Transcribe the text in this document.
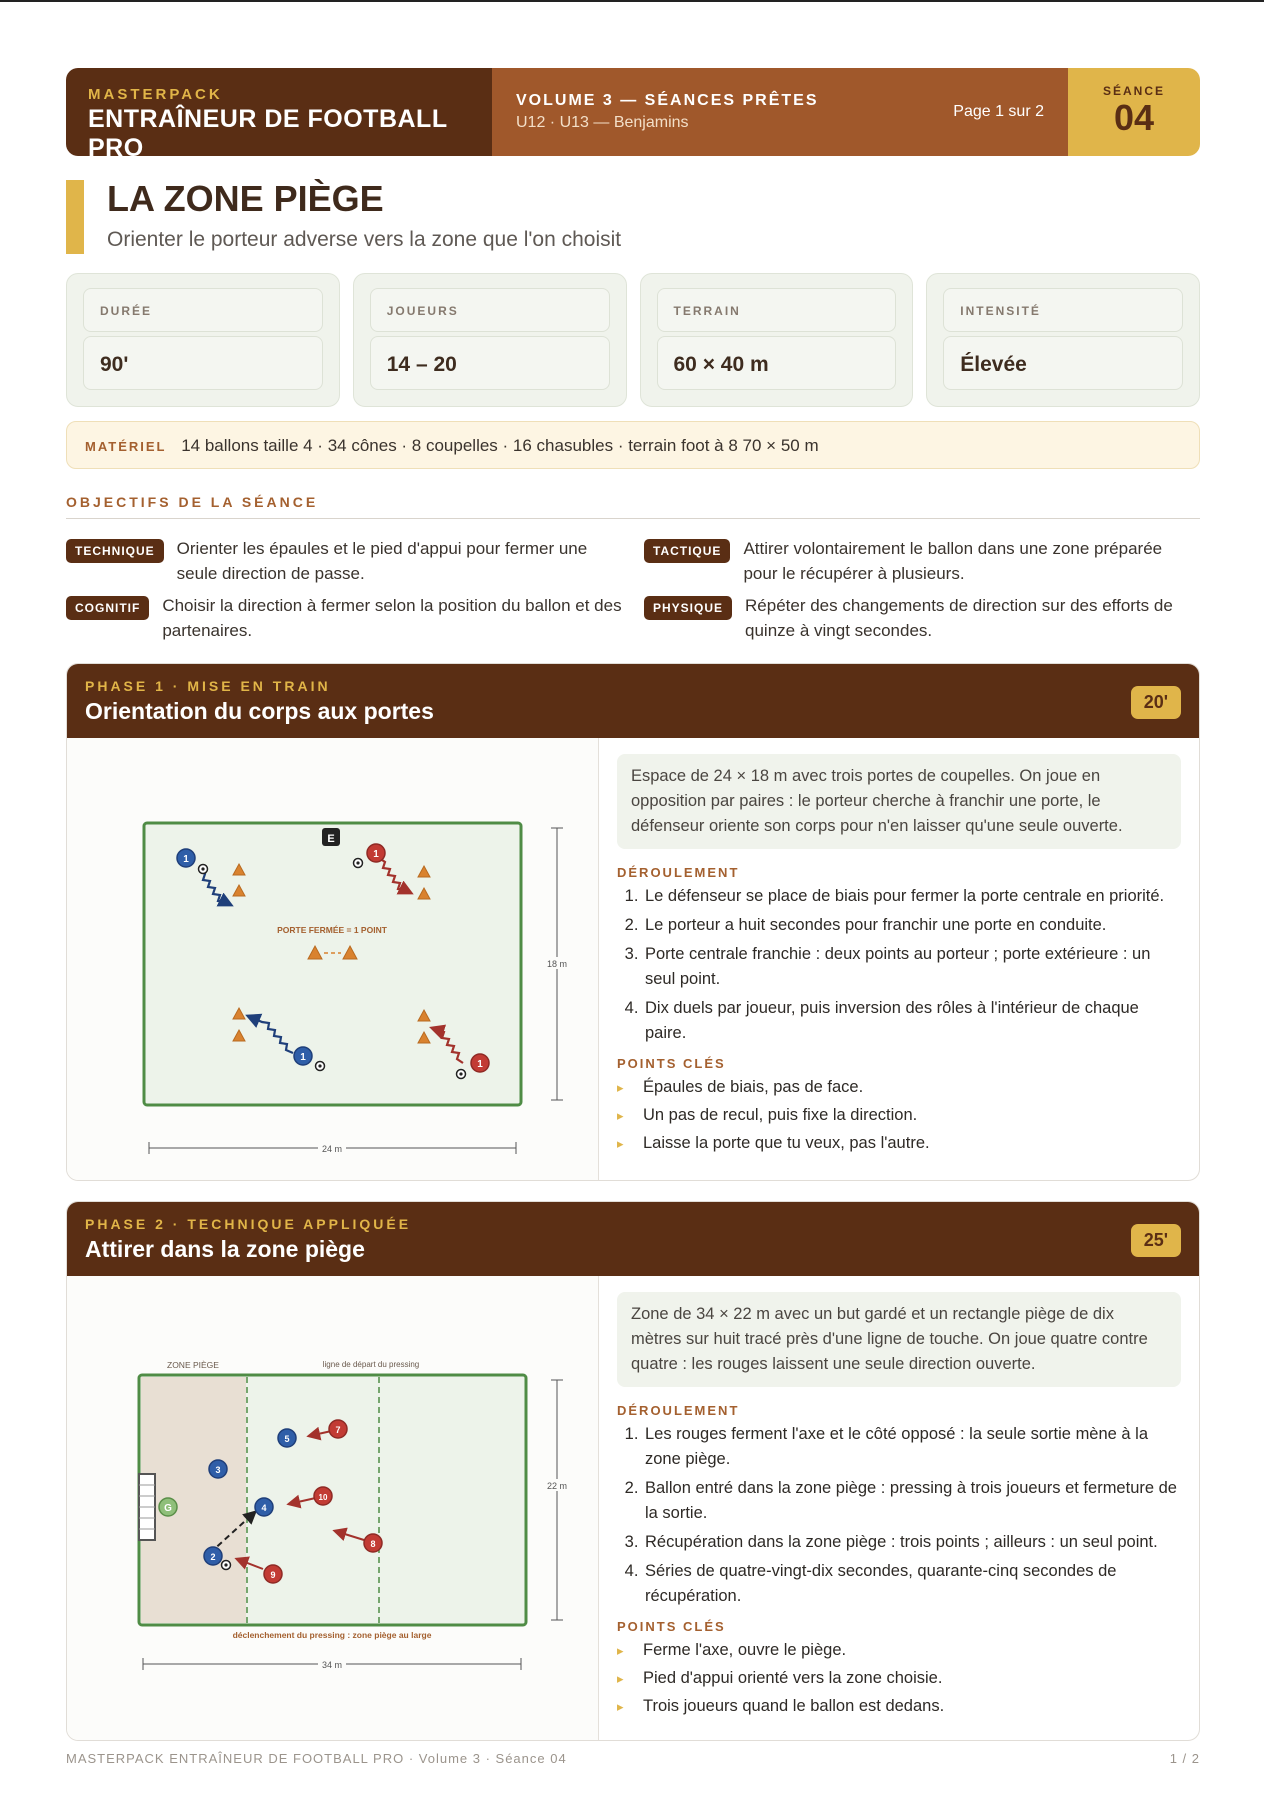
MASTERPACK
ENTRAÎNEUR DE FOOTBALL PRO
VOLUME 3 — SÉANCES PRÊTES
U12 · U13 — Benjamins
Page 1 sur 2
SÉANCE
04
LA ZONE PIÈGE
Orienter le porteur adverse vers la zone que l'on choisit
DURÉE
90'
JOUEURS
14 – 20
TERRAIN
60 × 40 m
INTENSITÉ
Élevée
MATÉRIEL 14 ballons taille 4 · 34 cônes · 8 coupelles · 16 chasubles · terrain foot à 8 70 × 50 m
OBJECTIFS DE LA SÉANCE
TECHNIQUE	Orienter les épaules et le pied d'appui pour fermer une seule direction de passe.
TACTIQUE	Attirer volontairement le ballon dans une zone préparée pour le récupérer à plusieurs.
COGNITIF	Choisir la direction à fermer selon la position du ballon et des partenaires.
PHYSIQUE	Répéter des changements de direction sur des efforts de quinze à vingt secondes.
PHASE 1 · MISE EN TRAIN
Orientation du corps aux portes	20'
E
1	1
PORTE FERMÉE = 1 POINT
1
1
18 m
24 m
Espace de 24 × 18 m avec trois portes de coupelles. On joue en opposition par paires : le porteur cherche à franchir une porte, le défenseur oriente son corps pour n'en laisser qu'une seule ouverte.
DÉROULEMENT
1. Le défenseur se place de biais pour fermer la porte centrale en priorité.
2. Le porteur a huit secondes pour franchir une porte en conduite.
3. Porte centrale franchie : deux points au porteur ; porte extérieure : un seul point.
4. Dix duels par joueur, puis inversion des rôles à l'intérieur de chaque paire.
POINTS CLÉS
▸ Épaules de biais, pas de face.
▸ Un pas de recul, puis fixe la direction.
▸ Laisse la porte que tu veux, pas l'autre.
PHASE 2 · TECHNIQUE APPLIQUÉE
Attirer dans la zone piège	25'
ZONE PIÈGE	ligne de départ du pressing
G
5
3
4
2
7
10
8
9
déclenchement du pressing : zone piège au large
22 m
34 m
Zone de 34 × 22 m avec un but gardé et un rectangle piège de dix mètres sur huit tracé près d'une ligne de touche. On joue quatre contre quatre : les rouges laissent une seule direction ouverte.
DÉROULEMENT
1. Les rouges ferment l'axe et le côté opposé : la seule sortie mène à la zone piège.
2. Ballon entré dans la zone piège : pressing à trois joueurs et fermeture de la sortie.
3. Récupération dans la zone piège : trois points ; ailleurs : un seul point.
4. Séries de quatre-vingt-dix secondes, quarante-cinq secondes de récupération.
POINTS CLÉS
▸ Ferme l'axe, ouvre le piège.
▸ Pied d'appui orienté vers la zone choisie.
▸ Trois joueurs quand le ballon est dedans.
MASTERPACK ENTRAÎNEUR DE FOOTBALL PRO · Volume 3 · Séance 04	1 / 2
